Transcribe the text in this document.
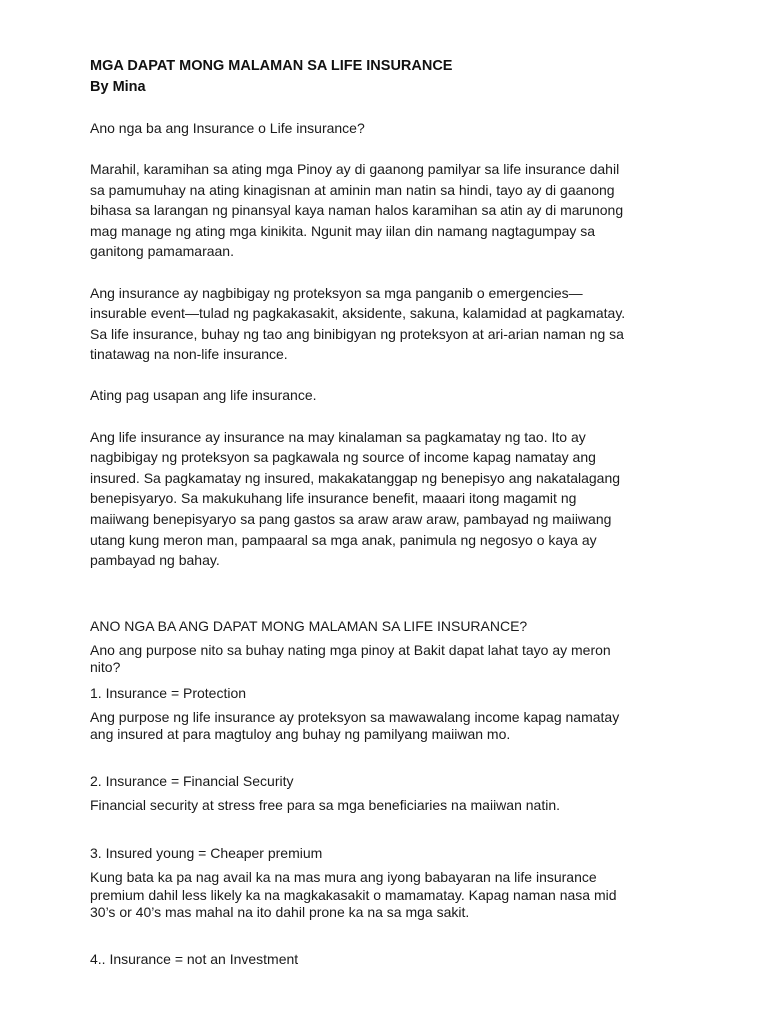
MGA DAPAT MONG MALAMAN SA LIFE INSURANCE

By Mina

Ano nga ba ang Insurance o Life insurance?

Marahil, karamihan sa ating mga Pinoy ay di gaanong pamilyar sa life insurance dahil
sa pamumuhay na ating kinagisnan at aminin man natin sa hindi, tayo ay di gaanong
bihasa sa larangan ng pinansyal kaya naman halos karamihan sa atin ay di marunong
mag manage ng ating mga kinikita. Ngunit may iilan din namang nagtagumpay sa
ganitong pamamaraan.
Ang insurance ay nagbibigay ng proteksyon sa mga panganib o emergencies—
insurable event—tulad ng pagkakasakit, aksidente, sakuna, kalamidad at pagkamatay.
Sa life insurance, buhay ng tao ang binibigyan ng proteksyon at ari-arian naman ng sa
tinatawag na non-life insurance.

Ating pag usapan ang life insurance.

Ang life insurance ay insurance na may kinalaman sa pagkamatay ng tao. Ito ay
nagbibigay ng proteksyon sa pagkawala ng source of income kapag namatay ang
insured. Sa pagkamatay ng insured, makakatanggap ng benepisyo ang nakatalagang
benepisyaryo. Sa makukuhang life insurance benefit, maaari itong magamit ng
maiiwang benepisyaryo sa pang gastos sa araw araw araw, pambayad ng maiiwang
utang kung meron man, pampaaral sa mga anak, panimula ng negosyo o kaya ay
pambayad ng bahay.

ANO NGA BA ANG DAPAT MONG MALAMAN SA LIFE INSURANCE?

Ano ang purpose nito sa buhay nating mga pinoy at Bakit dapat lahat tayo ay meron
nito?

1. Insurance = Protection

Ang purpose ng life insurance ay proteksyon sa mawawalang income kapag namatay
ang insured at para magtuloy ang buhay ng pamilyang maiiwan mo.

2. Insurance = Financial Security

Financial security at stress free para sa mga beneficiaries na maiiwan natin.

3. Insured young = Cheaper premium

Kung bata ka pa nag avail ka na mas mura ang iyong babayaran na life insurance
premium dahil less likely ka na magkakasakit o mamamatay. Kapag naman nasa mid
30’s or 40’s mas mahal na ito dahil prone ka na sa mga sakit.

4.. Insurance = not an Investment
